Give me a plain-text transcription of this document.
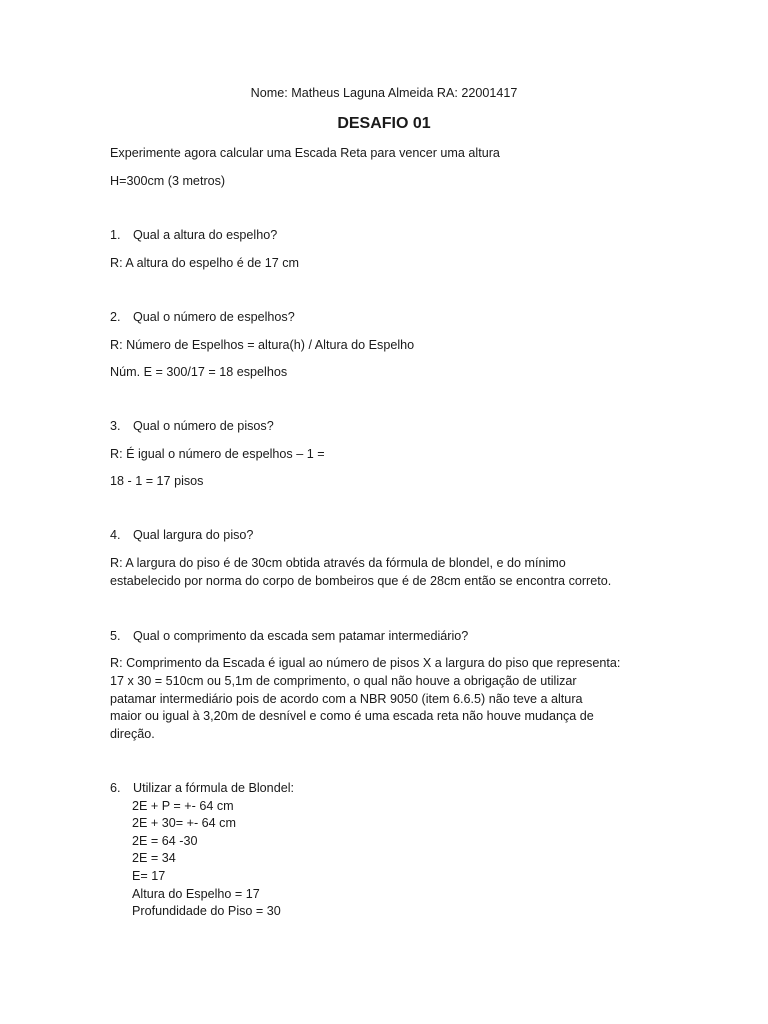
Nome: Matheus Laguna Almeida RA: 22001417
DESAFIO 01
Experimente agora calcular uma Escada Reta para vencer uma altura
H=300cm (3 metros)
1. Qual a altura do espelho?
R: A altura do espelho é de 17 cm
2. Qual o número de espelhos?
R: Número de Espelhos = altura(h) / Altura do Espelho
Núm. E = 300/17 = 18 espelhos
3. Qual o número de pisos?
R: É igual o número de espelhos – 1 =
18 - 1 = 17 pisos
4. Qual largura do piso?
R: A largura do piso é de 30cm obtida através da fórmula de blondel, e do mínimo
estabelecido por norma do corpo de bombeiros que é de 28cm então se encontra correto.
5. Qual o comprimento da escada sem patamar intermediário?
R: Comprimento da Escada é igual ao número de pisos X a largura do piso que representa:
17 x 30 = 510cm ou 5,1m de comprimento, o qual não houve a obrigação de utilizar
patamar intermediário pois de acordo com a NBR 9050 (item 6.6.5) não teve a altura
maior ou igual à 3,20m de desnível e como é uma escada reta não houve mudança de
direção.
6. Utilizar a fórmula de Blondel:
2E + P = +- 64 cm
2E + 30= +- 64 cm
2E = 64 -30
2E = 34
E= 17
Altura do Espelho = 17
Profundidade do Piso = 30
